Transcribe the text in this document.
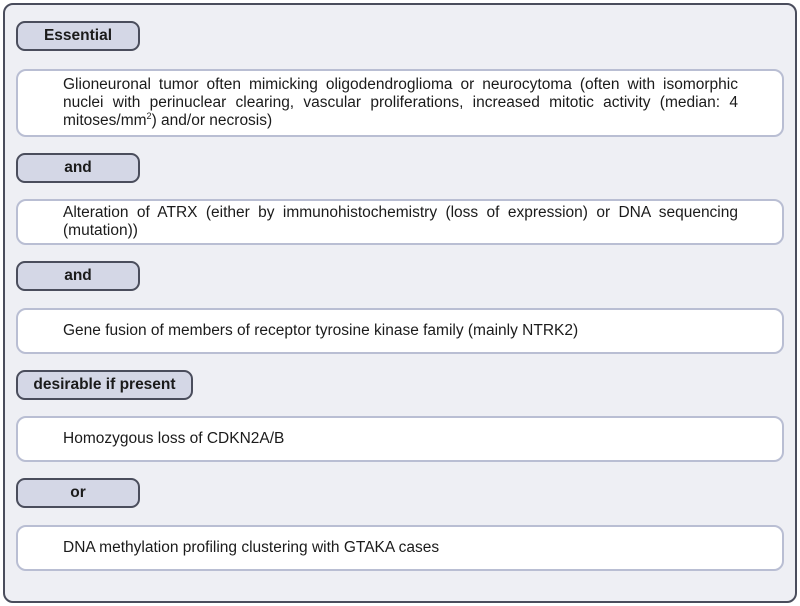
Essential
Glioneuronal tumor often mimicking oligodendroglioma or neurocytoma (often with isomorphic nuclei with perinuclear clearing, vascular proliferations, increased mitotic activity (median: 4 mitoses/$mm^2$) and/or necrosis)
and
Alteration of ATRX (either by immunohistochemistry (loss of expression) or DNA sequencing (mutation))
and
Gene fusion of members of receptor tyrosine kinase family (mainly NTRK2)
desirable if present
Homozygous loss of CDKN2A/B
or
DNA methylation profiling clustering with GTAKA cases
